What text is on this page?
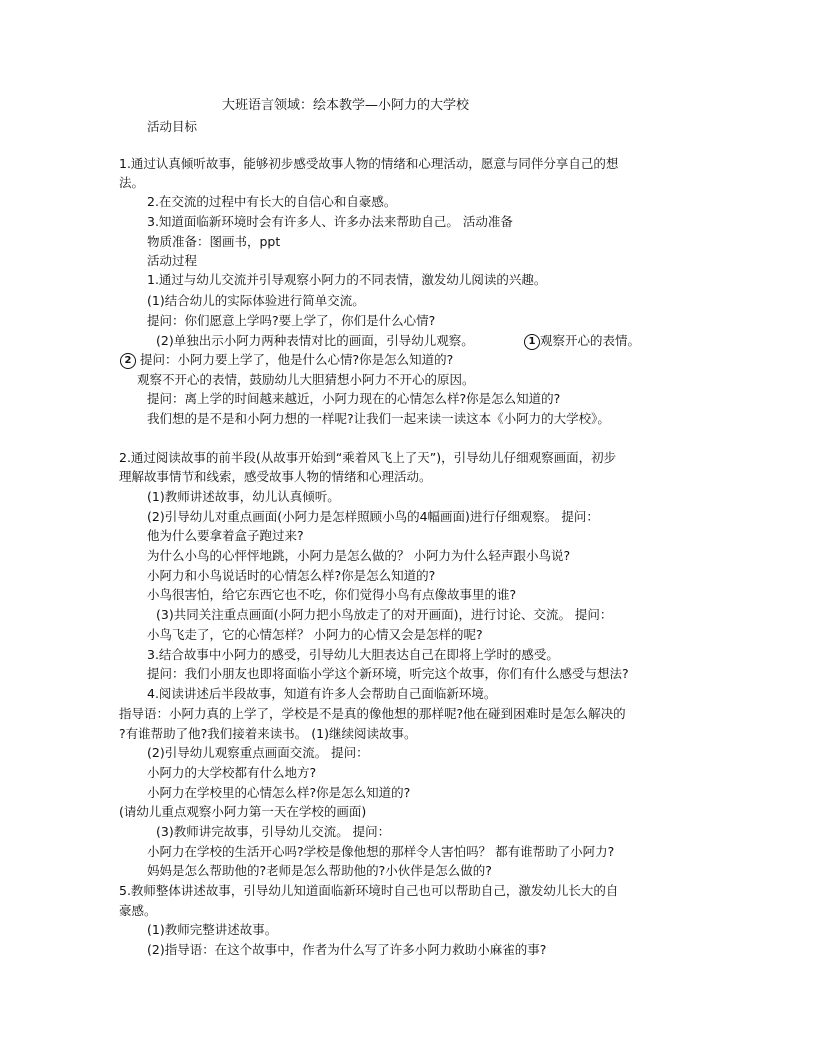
大班语言领域：绘本教学—小阿力的大学校
活动目标
1.通过认真倾听故事，能够初步感受故事人物的情绪和心理活动，愿意与同伴分享自己的想
法。
2.在交流的过程中有长大的自信心和自豪感。
3.知道面临新环境时会有许多人、许多办法来帮助自己。 活动准备
物质准备：图画书，ppt
活动过程
1.通过与幼儿交流并引导观察小阿力的不同表情，激发幼儿阅读的兴趣。
(1)结合幼儿的实际体验进行简单交流。
提问：你们愿意上学吗?要上学了，你们是什么心情?
(2)单独出示小阿力两种表情对比的画面，引导幼儿观察。	1 观察开心的表情。
2 提问：小阿力要上学了，他是什么心情?你是怎么知道的?
观察不开心的表情，鼓励幼儿大胆猜想小阿力不开心的原因。
提问：离上学的时间越来越近，小阿力现在的心情怎么样?你是怎么知道的?
我们想的是不是和小阿力想的一样呢?让我们一起来读一读这本《小阿力的大学校》。
2.通过阅读故事的前半段(从故事开始到“乘着风飞上了天”)，引导幼儿仔细观察画面，初步
理解故事情节和线索，感受故事人物的情绪和心理活动。
(1)教师讲述故事，幼儿认真倾听。
(2)引导幼儿对重点画面(小阿力是怎样照顾小鸟的4幅画面)进行仔细观察。 提问：
他为什么要拿着盒子跑过来?
为什么小鸟的心怦怦地跳，小阿力是怎么做的？ 小阿力为什么轻声跟小鸟说?
小阿力和小鸟说话时的心情怎么样?你是怎么知道的?
小鸟很害怕，给它东西它也不吃，你们觉得小鸟有点像故事里的谁?
(3)共同关注重点画面(小阿力把小鸟放走了的对开画面)，进行讨论、交流。 提问：
小鸟飞走了，它的心情怎样？ 小阿力的心情又会是怎样的呢?
3.结合故事中小阿力的感受，引导幼儿大胆表达自己在即将上学时的感受。
提问：我们小朋友也即将面临小学这个新环境，听完这个故事，你们有什么感受与想法?
4.阅读讲述后半段故事，知道有许多人会帮助自己面临新环境。
指导语：小阿力真的上学了，学校是不是真的像他想的那样呢?他在碰到困难时是怎么解决的
?有谁帮助了他?我们接着来读书。 (1)继续阅读故事。
(2)引导幼儿观察重点画面交流。 提问：
小阿力的大学校都有什么地方?
小阿力在学校里的心情怎么样?你是怎么知道的?
(请幼儿重点观察小阿力第一天在学校的画面)
(3)教师讲完故事，引导幼儿交流。 提问：
小阿力在学校的生活开心吗?学校是像他想的那样令人害怕吗？ 都有谁帮助了小阿力?
妈妈是怎么帮助他的?老师是怎么帮助他的?小伙伴是怎么做的?
5.教师整体讲述故事，引导幼儿知道面临新环境时自己也可以帮助自己，激发幼儿长大的自
豪感。
(1)教师完整讲述故事。
(2)指导语：在这个故事中，作者为什么写了许多小阿力救助小麻雀的事?
